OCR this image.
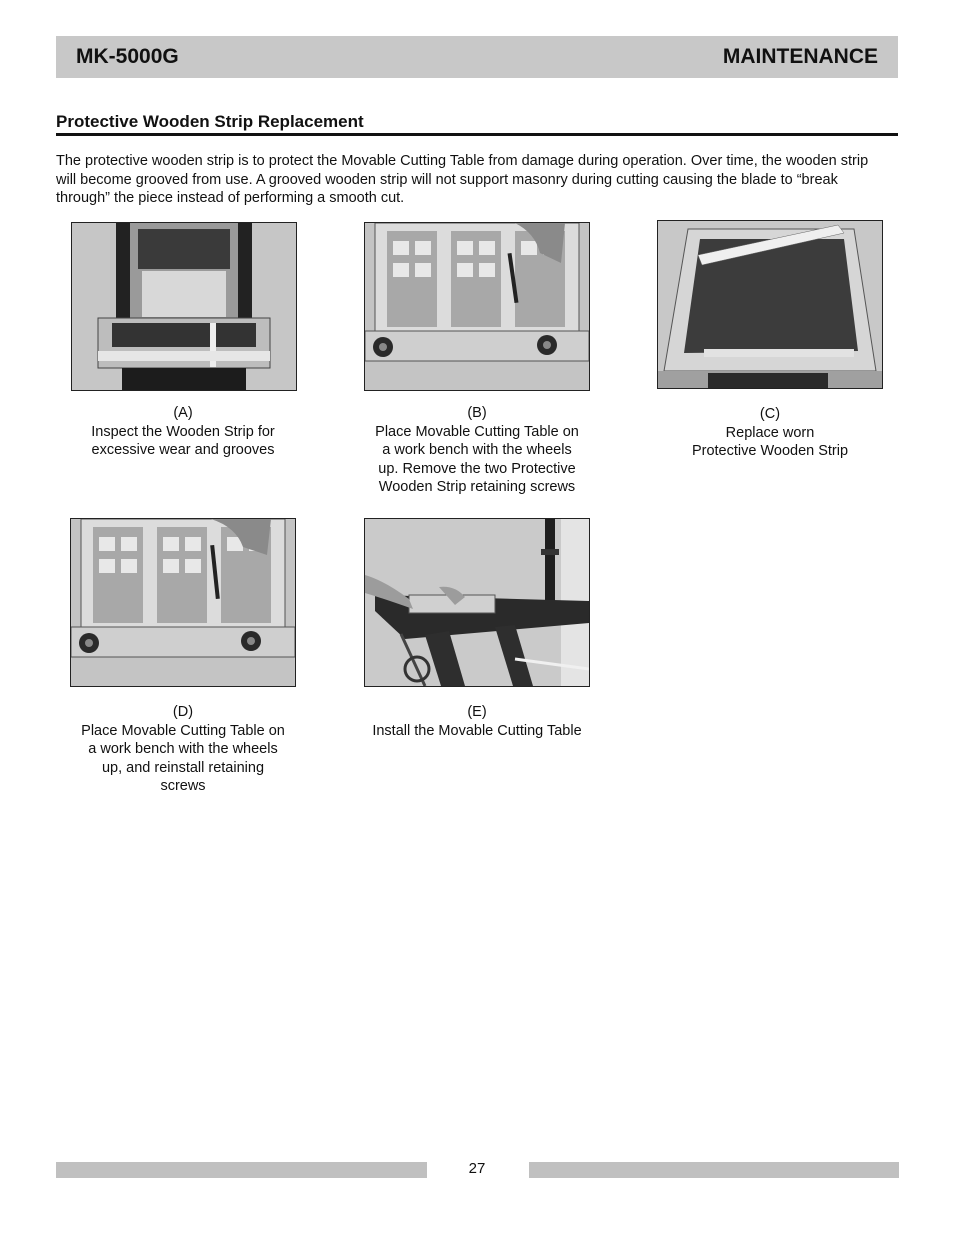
MK-5000G	MAINTENANCE
Protective Wooden Strip Replacement
The protective wooden strip is to protect the Movable Cutting Table from damage during operation. Over time, the wooden strip will become grooved from use. A grooved wooden strip will not support masonry during cutting causing the blade to “break through” the piece instead of performing a smooth cut.
(A)
Inspect the Wooden Strip for
excessive wear and grooves
(B)
Place Movable Cutting Table on
a work bench with the wheels
up. Remove the two Protective
Wooden Strip retaining screws
(C)
Replace worn
Protective Wooden Strip
(D)
Place Movable Cutting Table on
a work bench with the wheels
up, and reinstall retaining
screws
(E)
Install the Movable Cutting Table
27
